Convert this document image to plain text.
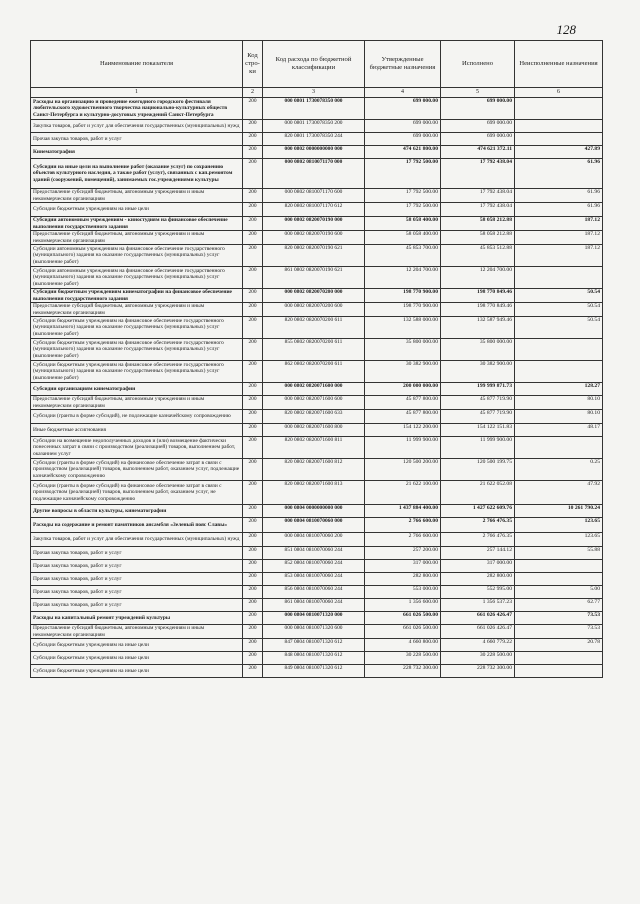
128
Наименование показателя	Код стро-ки	Код расхода по бюджетной классификации	Утвержденные бюджетные назначения	Исполнено	Неисполненные назначения
1	2	3	4	5	6
Расходы на организацию и проведение ежегодного городского фестиваля любительского художественного творчества национально-культурных обществ Санкт-Петербурга и культурно-досуговых учреждений Санкт-Петербурга	200	000 0801 1730078350 000	699 000.00	699 000.00	
Закупка товаров, работ и услуг для обеспечения государственных (муниципальных) нужд	200	000 0801 1730078350 200	699 000.00	699 000.00	
Прочая закупка товаров, работ и услуг	200	820 0801 1730078350 244	699 000.00	699 000.00	
Кинематография	200	000 0802 0000000000 000	474 621 800.00	474 621 372.11	427.89
Субсидии на иные цели на выполнение работ (оказание услуг) по сохранению объектов культурного наследия, а также работ (услуг), связанных с кап.ремонтом зданий (сооружений, помещений), занимаемых гос.учреждениями культуры	200	000 0802 0810071170 000	17 792 500.00	17 792 438.04	61.96
Предоставление субсидий бюджетным, автономным учреждениям и иным некоммерческим организациям	200	000 0802 0810071170 600	17 792 500.00	17 792 438.04	61.96
Субсидии бюджетным учреждениям на иные цели	200	820 0802 0810071170 612	17 792 500.00	17 792 438.04	61.96
Субсидии автономным учреждениям - киностудиям на финансовое обеспечение выполнения государственного задания	200	000 0802 0820070190 000	58 058 400.00	58 058 212.88	187.12
Предоставление субсидий бюджетным, автономным учреждениям и иным некоммерческим организациям	200	000 0802 0820070190 600	58 058 400.00	58 058 212.88	187.12
Субсидии автономным учреждениям на финансовое обеспечение государственного (муниципального) задания на оказание государственных (муниципальных) услуг (выполнение работ)	200	820 0802 0820070190 621	45 853 700.00	45 853 512.88	187.12
Субсидии автономным учреждениям на финансовое обеспечение государственного (муниципального) задания на оказание государственных (муниципальных) услуг (выполнение работ)	200	861 0802 0820070190 621	12 204 700.00	12 204 700.00	
Субсидии бюджетным учреждениям кинематографии на финансовое обеспечение выполнения государственного задания	200	000 0802 0820070200 000	198 770 900.00	198 770 849.46	50.54
Предоставление субсидий бюджетным, автономным учреждениям и иным некоммерческим организациям	200	000 0802 0820070200 600	198 770 900.00	198 770 849.46	50.54
Субсидии бюджетным учреждениям на финансовое обеспечение государственного (муниципального) задания на оказание государственных (муниципальных) услуг (выполнение работ)	200	820 0802 0820070200 611	132 588 000.00	132 587 949.46	50.54
Субсидии бюджетным учреждениям на финансовое обеспечение государственного (муниципального) задания на оказание государственных (муниципальных) услуг (выполнение работ)	200	855 0802 0820070200 611	35 800 000.00	35 800 000.00	
Субсидии бюджетным учреждениям на финансовое обеспечение государственного (муниципального) задания на оказание государственных (муниципальных) услуг (выполнение работ)	200	862 0802 0820070200 611	30 382 900.00	30 382 900.00	
Субсидии организациям кинематографии	200	000 0802 0820071600 000	200 000 000.00	199 999 871.73	128.27
Предоставление субсидий бюджетным, автономным учреждениям и иным некоммерческим организациям	200	000 0802 0820071600 600	45 877 800.00	45 877 719.90	80.10
Субсидии (гранты в форме субсидий), не подлежащие казначейскому сопровождению	200	820 0802 0820071600 633	45 877 800.00	45 877 719.90	80.10
Иные бюджетные ассигнования	200	000 0802 0820071600 800	154 122 200.00	154 122 151.83	48.17
Субсидии на возмещение недополученных доходов и (или) возмещение фактически понесенных затрат в связи с производством (реализацией) товаров, выполнением работ, оказанием услуг	200	820 0802 0820071600 811	11 999 900.00	11 999 900.00	
Субсидии (гранты в форме субсидий) на финансовое обеспечение затрат в связи с производством (реализацией) товаров, выполнением работ, оказанием услуг, подлежащие казначейскому сопровождению	200	820 0802 0820071600 812	120 500 200.00	120 500 199.75	0.25
Субсидии (гранты в форме субсидий) на финансовое обеспечение затрат в связи с производством (реализацией) товаров, выполнением работ, оказанием услуг, не подлежащие казначейскому сопровождению	200	820 0802 0820071600 813	21 622 100.00	21 622 052.08	47.92
Другие вопросы в области культуры, кинематографии	200	000 0804 0000000000 000	1 437 884 400.00	1 427 622 609.76	10 261 790.24
Расходы на содержание и ремонт памятников ансамбля «Зеленый пояс Славы»	200	000 0804 0810070060 000	2 766 600.00	2 766 476.35	123.65
Закупка товаров, работ и услуг для обеспечения государственных (муниципальных) нужд	200	000 0804 0810070060 200	2 766 600.00	2 766 476.35	123.65
Прочая закупка товаров, работ и услуг	200	851 0804 0810070060 244	257 200.00	257 144.12	55.88
Прочая закупка товаров, работ и услуг	200	852 0804 0810070060 244	317 000.00	317 000.00	
Прочая закупка товаров, работ и услуг	200	853 0804 0810070060 244	282 800.00	282 800.00	
Прочая закупка товаров, работ и услуг	200	856 0804 0810070060 244	553 000.00	552 995.00	5.00
Прочая закупка товаров, работ и услуг	200	861 0804 0810070060 244	1 356 600.00	1 356 537.23	62.77
Расходы на капитальный ремонт учреждений культуры	200	000 0804 0810071320 000	661 026 500.00	661 026 426.47	73.53
Предоставление субсидий бюджетным, автономным учреждениям и иным некоммерческим организациям	200	000 0804 0810071320 600	661 026 500.00	661 026 426.47	73.53
Субсидии бюджетным учреждениям на иные цели	200	847 0804 0810071320 612	4 660 800.00	4 660 779.22	20.78
Субсидии бюджетным учреждениям на иные цели	200	848 0804 0810071320 612	30 228 500.00	30 228 500.00	
Субсидии бюджетным учреждениям на иные цели	200	849 0804 0810071320 612	228 732 300.00	228 732 300.00	
